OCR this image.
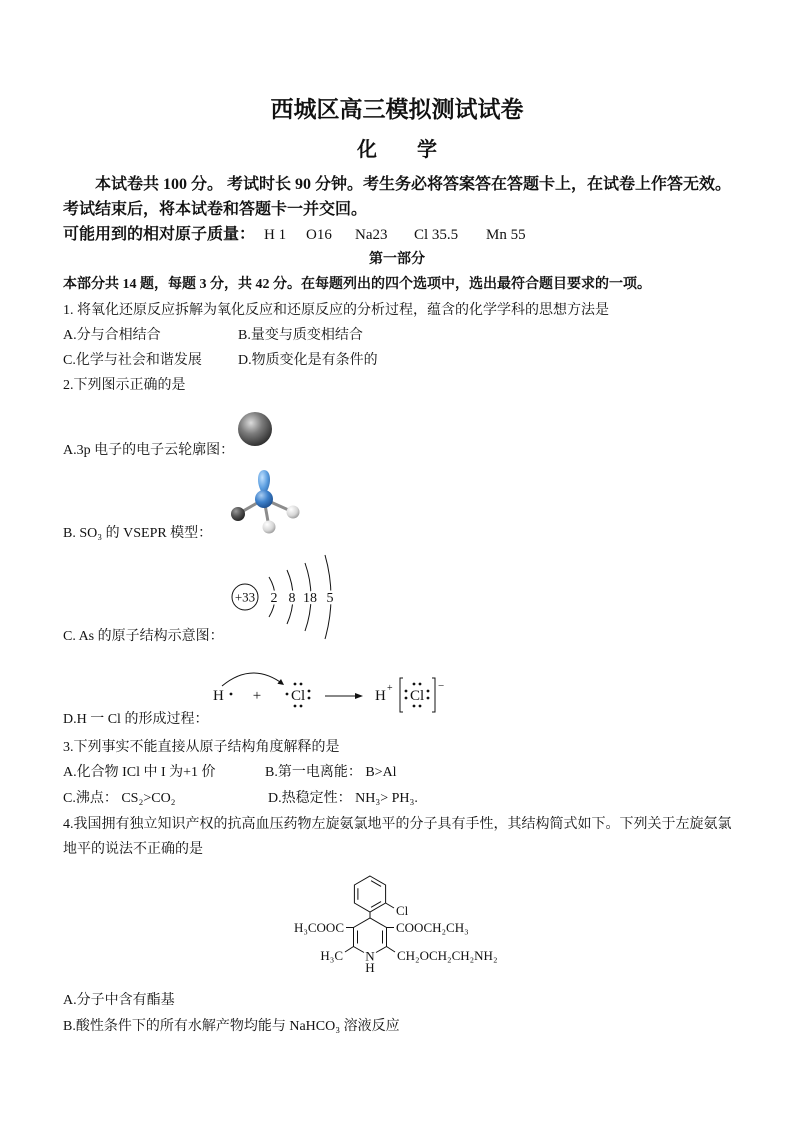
西城区高三模拟测试试卷
化　　学
本试卷共 100 分。 考试时长 90 分钟。考生务必将答案答在答题卡上，在试卷上作答无效。
考试结束后，将本试卷和答题卡一并交回。
可能用到的相对原子质量： H 1 O16 Na23 Cl 35.5 Mn 55
第一部分
本部分共 14 题，每题 3 分，共 42 分。在每题列出的四个选项中，选出最符合题目要求的一项。
1. 将氧化还原反应拆解为氧化反应和还原反应的分析过程，蕴含的化学学科的思想方法是
A.分与合相结合	B.量变与质变相结合
C.化学与社会和谐发展	D.物质变化是有条件的
2.下列图示正确的是
A.3p 电子的电子云轮廓图：
B. SO₃ 的 VSEPR 模型：
+33 2 8 18 5
C. As 的原子结构示意图：
H + Cl	H + Cl
−
D.H 一 Cl 的形成过程：
3.下列事实不能直接从原子结构角度解释的是
A.化合物 ICl 中 I 为+1 价	B.第一电离能： B>Al
C.沸点： CS₂>CO₂	D.热稳定性： NH₃> PH₃.
4.我国拥有独立知识产权的抗高血压药物左旋氨氯地平的分子具有手性，其结构简式如下。下列关于左旋氨氯
地平的说法不正确的是
Cl
N
H
H₃COOC	COOCH₂CH₃
H₃C	CH₂OCH₂CH₂NH₂
A.分子中含有酯基
B.酸性条件下的所有水解产物均能与 NaHCO₃ 溶液反应
